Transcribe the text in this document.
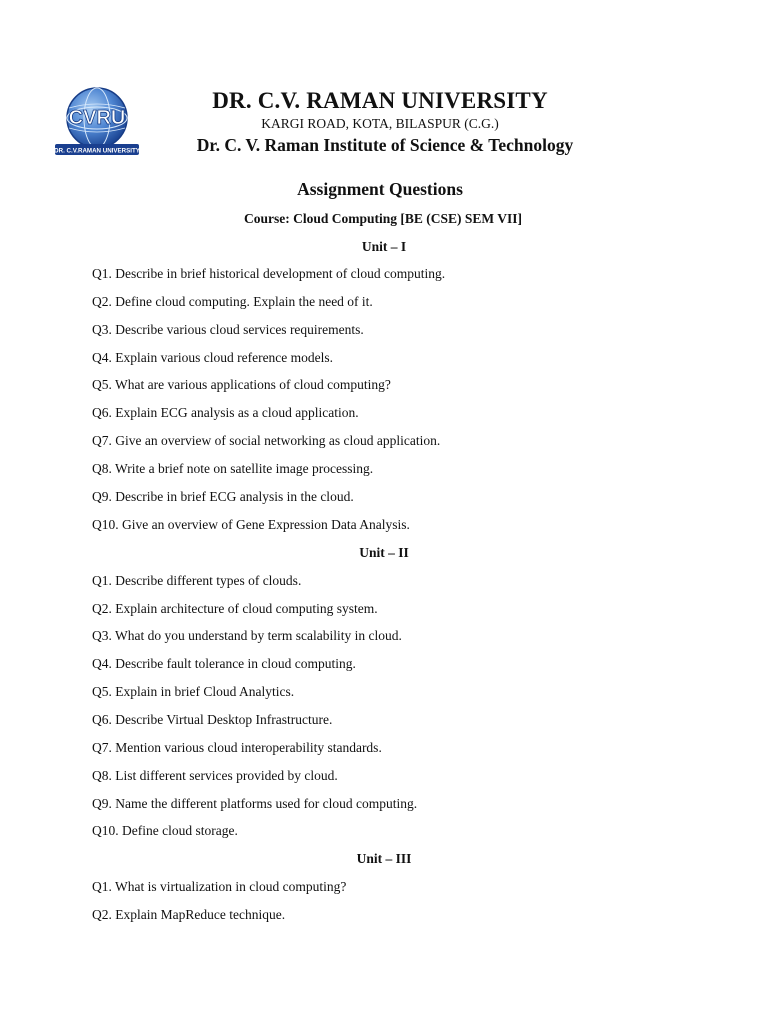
CVRU
DR. C.V.RAMAN UNIVERSITY
DR. C.V. RAMAN UNIVERSITY
KARGI ROAD, KOTA, BILASPUR (C.G.)
Dr. C. V. Raman Institute of Science & Technology
Assignment Questions
Course: Cloud Computing [BE (CSE) SEM VII]
Unit – I
Q1. Describe in brief historical development of cloud computing.
Q2. Define cloud computing. Explain the need of it.
Q3. Describe various cloud services requirements.
Q4. Explain various cloud reference models.
Q5. What are various applications of cloud computing?
Q6. Explain ECG analysis as a cloud application.
Q7. Give an overview of social networking as cloud application.
Q8. Write a brief note on satellite image processing.
Q9. Describe in brief ECG analysis in the cloud.
Q10. Give an overview of Gene Expression Data Analysis.
Unit – II
Q1. Describe different types of clouds.
Q2. Explain architecture of cloud computing system.
Q3. What do you understand by term scalability in cloud.
Q4. Describe fault tolerance in cloud computing.
Q5. Explain in brief Cloud Analytics.
Q6. Describe Virtual Desktop Infrastructure.
Q7. Mention various cloud interoperability standards.
Q8. List different services provided by cloud.
Q9. Name the different platforms used for cloud computing.
Q10. Define cloud storage.
Unit – III
Q1. What is virtualization in cloud computing?
Q2. Explain MapReduce technique.
